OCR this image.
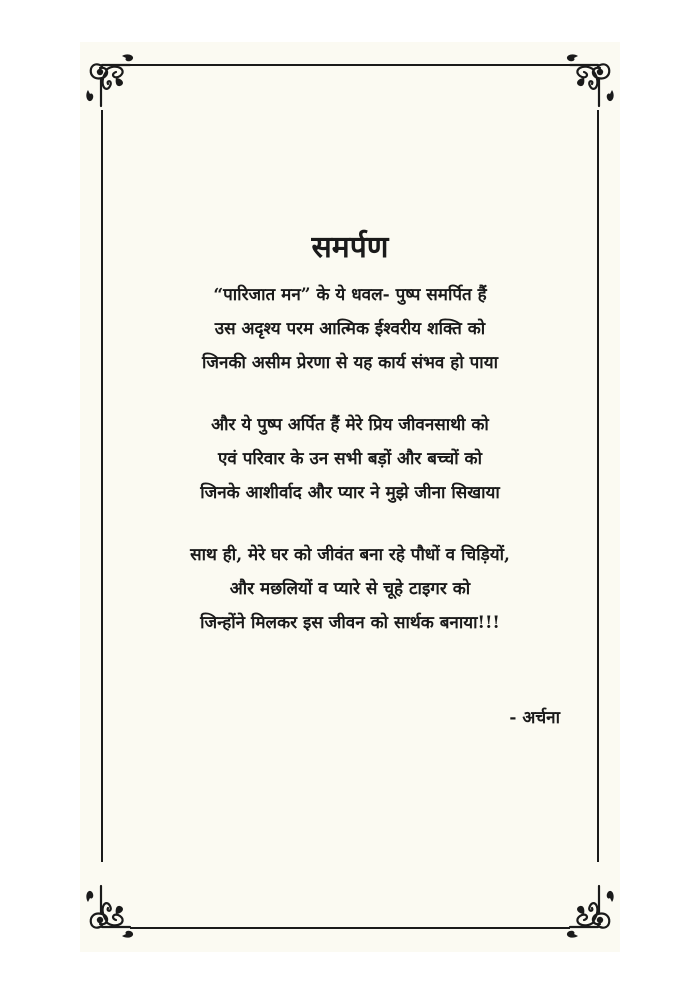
समर्पण
“पारिजात मन” के ये धवल- पुष्प समर्पित हैं
उस अदृश्य परम आत्मिक ईश्वरीय शक्ति को
जिनकी असीम प्रेरणा से यह कार्य संभव हो पाया
और ये पुष्प अर्पित हैं मेरे प्रिय जीवनसाथी को
एवं परिवार के उन सभी बड़ों और बच्चों को
जिनके आशीर्वाद और प्यार ने मुझे जीना सिखाया
साथ ही, मेरे घर को जीवंत बना रहे पौधों व चिड़ियों,
और मछलियों व प्यारे से चूहे टाइगर को
जिन्होंने मिलकर इस जीवन को सार्थक बनाया!!!
- अर्चना
